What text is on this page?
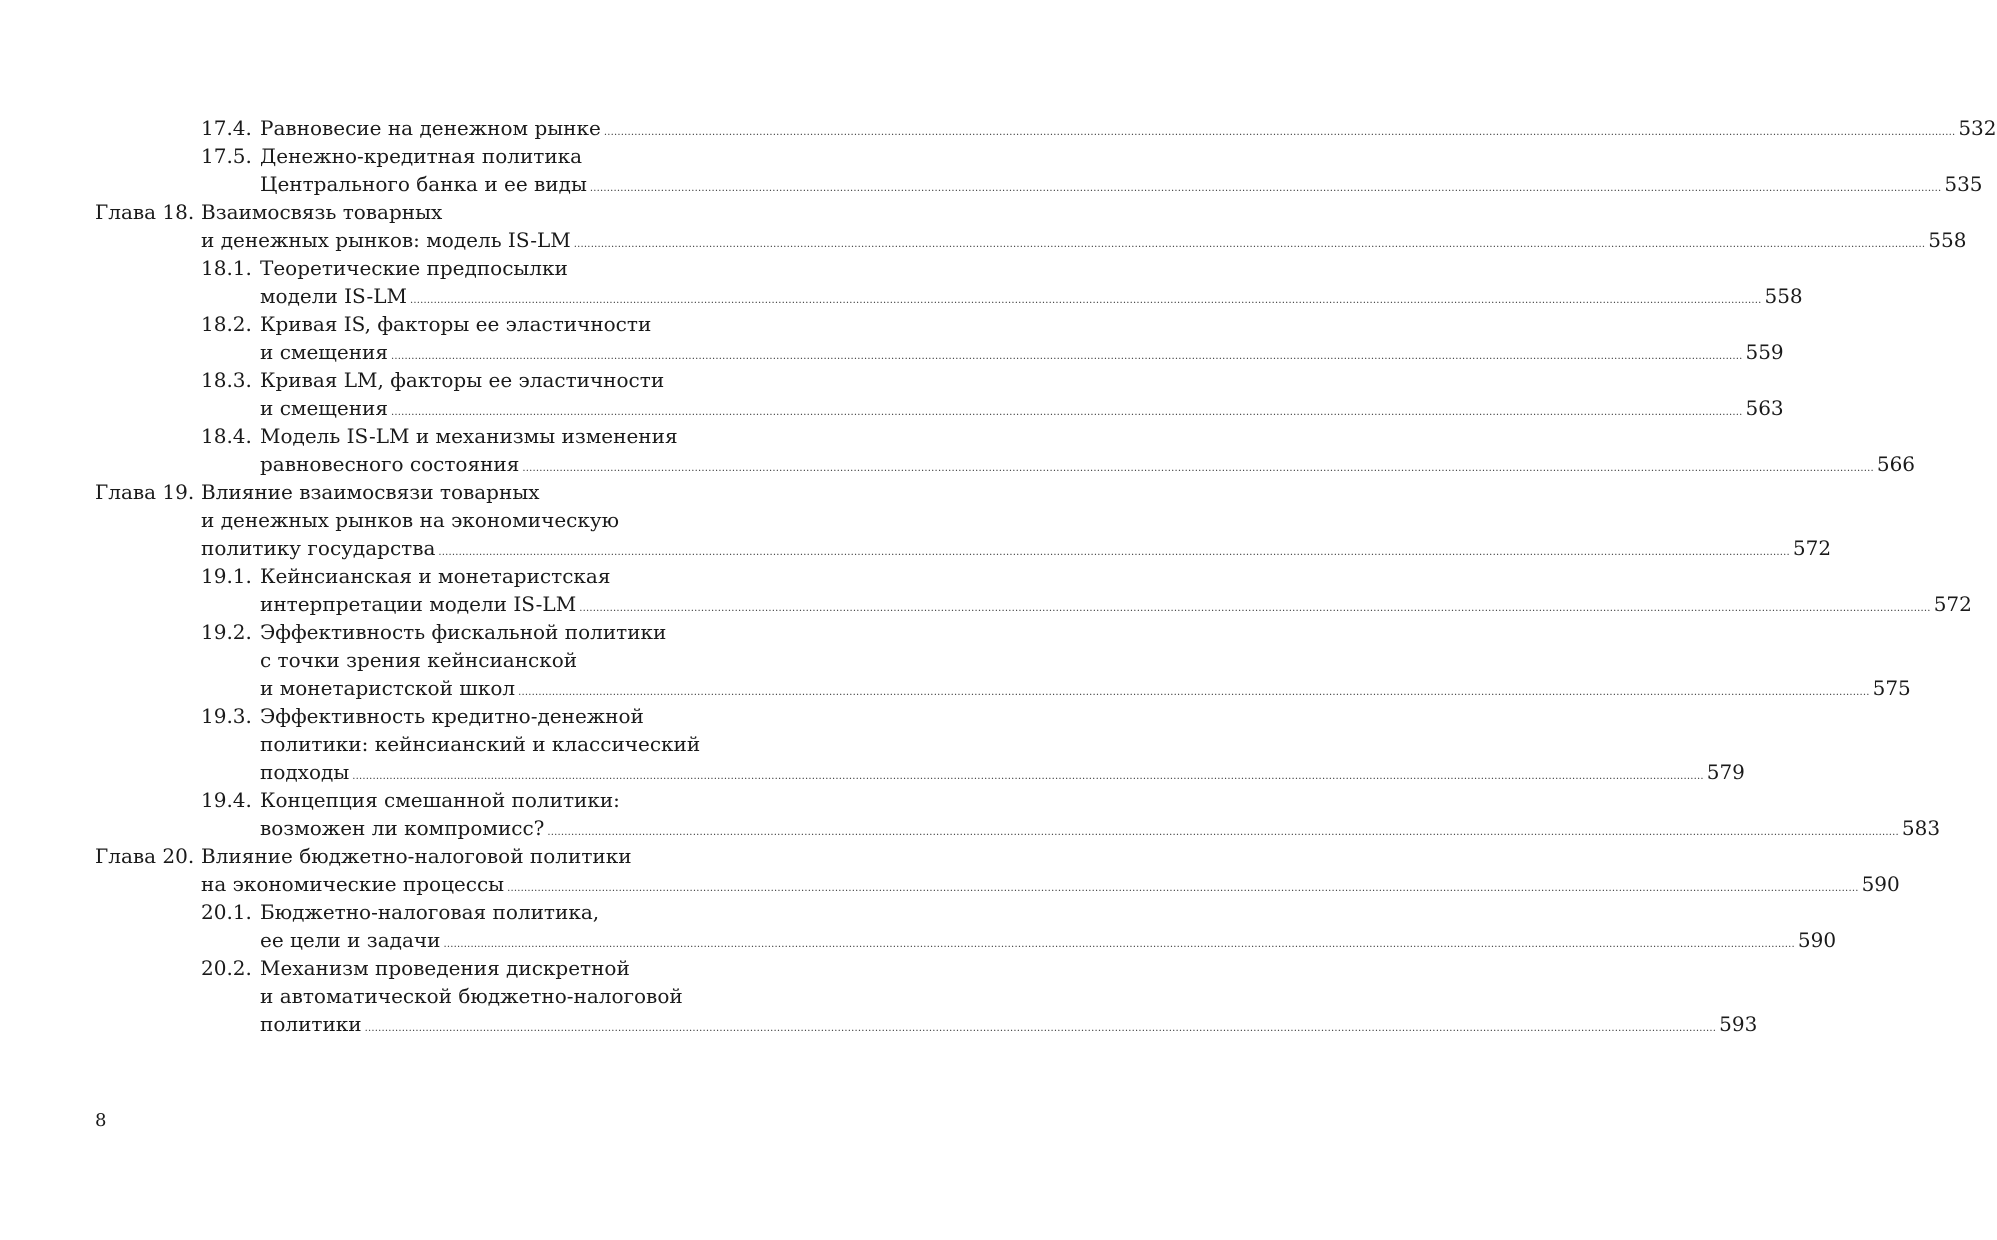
17.4. Равновесие на денежном рынке ................................................................................................................................................................................................................................................................................................................................................................................................................ 532
17.5. Денежно-кредитная политика
Центрального банка и ее виды ................................................................................................................................................................................................................................................................................................................................................................................................................ 535
Глава 18. Взаимосвязь товарных
и денежных рынков: модель IS-LM ................................................................................................................................................................................................................................................................................................................................................................................................................ 558
18.1. Теоретические предпосылки
модели IS-LM ................................................................................................................................................................................................................................................................................................................................................................................................................ 558
18.2. Кривая IS, факторы ее эластичности
и смещения ................................................................................................................................................................................................................................................................................................................................................................................................................ 559
18.3. Кривая LM, факторы ее эластичности
и смещения ................................................................................................................................................................................................................................................................................................................................................................................................................ 563
18.4. Модель IS-LM и механизмы изменения
равновесного состояния ................................................................................................................................................................................................................................................................................................................................................................................................................ 566
Глава 19. Влияние взаимосвязи товарных
и денежных рынков на экономическую
политику государства ................................................................................................................................................................................................................................................................................................................................................................................................................ 572
19.1. Кейнсианская и монетаристская
интерпретации модели IS-LM ................................................................................................................................................................................................................................................................................................................................................................................................................ 572
19.2. Эффективность фискальной политики
с точки зрения кейнсианской
и монетаристской школ ................................................................................................................................................................................................................................................................................................................................................................................................................ 575
19.3. Эффективность кредитно-денежной
политики: кейнсианский и классический
подходы ................................................................................................................................................................................................................................................................................................................................................................................................................ 579
19.4. Концепция смешанной политики:
возможен ли компромисс? ................................................................................................................................................................................................................................................................................................................................................................................................................ 583
Глава 20. Влияние бюджетно-налоговой политики
на экономические процессы ................................................................................................................................................................................................................................................................................................................................................................................................................ 590
20.1. Бюджетно-налоговая политика,
ее цели и задачи ................................................................................................................................................................................................................................................................................................................................................................................................................ 590
20.2. Механизм проведения дискретной
и автоматической бюджетно-налоговой
политики ................................................................................................................................................................................................................................................................................................................................................................................................................ 593
8
